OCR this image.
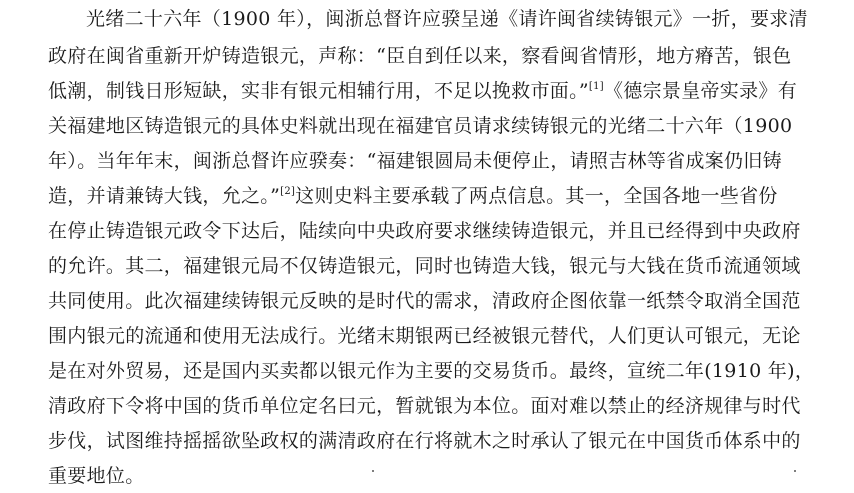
光绪二十六年（1900 年），闽浙总督许应骙呈递《请许闽省续铸银元》一折，要求清
政府在闽省重新开炉铸造银元，声称：“臣自到任以来，察看闽省情形，地方瘠苦，银色
低潮，制钱日形短缺，实非有银元相辅行用，不足以挽救市面。”[1]《德宗景皇帝实录》有
关福建地区铸造银元的具体史料就出现在福建官员请求续铸银元的光绪二十六年（1900
年）。当年年末，闽浙总督许应骙奏：“福建银圆局未便停止，请照吉林等省成案仍旧铸
造，并请兼铸大钱，允之。”[2]这则史料主要承载了两点信息。其一，全国各地一些省份
在停止铸造银元政令下达后，陆续向中央政府要求继续铸造银元，并且已经得到中央政府
的允许。其二，福建银元局不仅铸造银元，同时也铸造大钱，银元与大钱在货币流通领域
共同使用。此次福建续铸银元反映的是时代的需求，清政府企图依靠一纸禁令取消全国范
围内银元的流通和使用无法成行。光绪末期银两已经被银元替代，人们更认可银元，无论
是在对外贸易，还是国内买卖都以银元作为主要的交易货币。最终，宣统二年(1910 年)，
清政府下令将中国的货币单位定名曰元，暂就银为本位。面对难以禁止的经济规律与时代
步伐，试图维持摇摇欲坠政权的满清政府在行将就木之时承认了银元在中国货币体系中的
重要地位。
